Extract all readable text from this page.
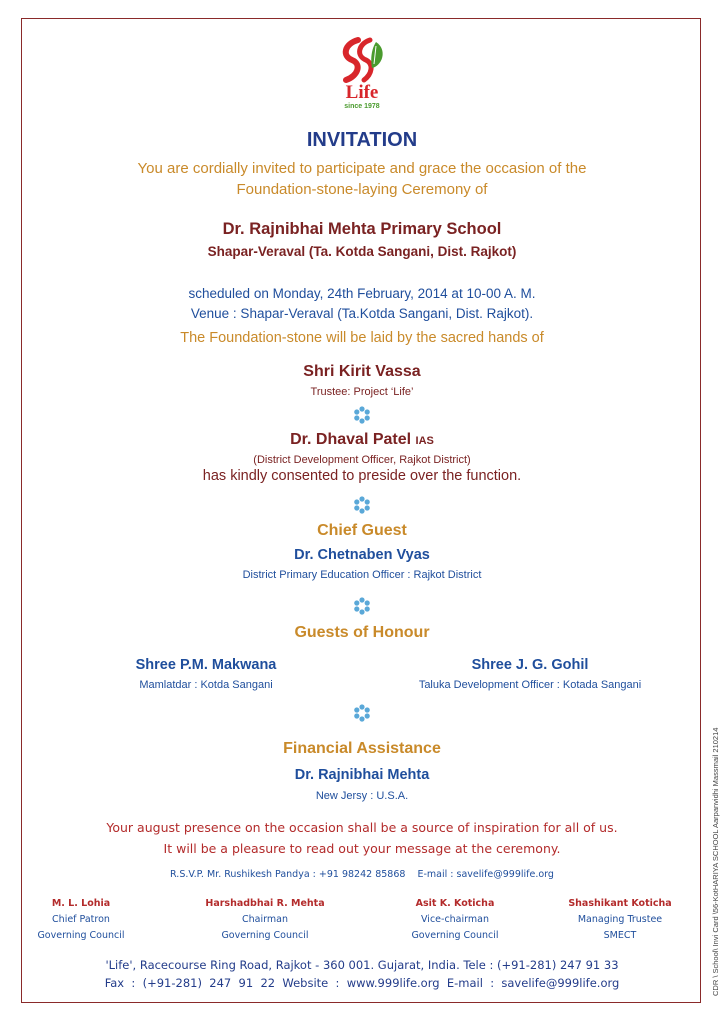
Life
since 1978
INVITATION
You are cordially invited to participate and grace the occasion of the
Foundation-stone-laying Ceremony of
Dr. Rajnibhai Mehta Primary School
Shapar-Veraval (Ta. Kotda Sangani, Dist. Rajkot)
scheduled on Monday, 24th February, 2014 at 10-00 A. M.
Venue : Shapar-Veraval (Ta.Kotda Sangani, Dist. Rajkot).
The Foundation-stone will be laid by the sacred hands of
Shri Kirit Vassa
Trustee: Project ‘Life’
Dr. Dhaval Patel IAS
(District Development Officer, Rajkot District)
has kindly consented to preside over the function.
Chief Guest
Dr. Chetnaben Vyas
District Primary Education Officer : Rajkot District
Guests of Honour
Shree P.M. Makwana
Mamlatdar : Kotda Sangani
Shree J. G. Gohil
Taluka Development Officer : Kotada Sangani
Financial Assistance
Dr. Rajnibhai Mehta
New Jersy : U.S.A.
Your august presence on the occasion shall be a source of inspiration for all of us.
It will be a pleasure to read out your message at the ceremony.
R.S.V.P. Mr. Rushikesh Pandya : +91 98242 85868    E-mail : savelife@999life.org
M. L. Lohia
Chief Patron
Governing Council
Harshadbhai R. Mehta
Chairman
Governing Council
Asit K. Koticha
Vice-chairman
Governing Council
Shashikant Koticha
Managing Trustee
SMECT
'Life', Racecourse Ring Road, Rajkot - 360 001. Gujarat, India. Tele : (+91-281) 247 91 33
Fax  :  (+91-281)  247  91  22  Website  :  www.999life.org  E-mail  :  savelife@999life.org	CDR \ School\ Invi Card \56-KotHARIYA SCHOOL Aarpanvidhi Massmail 210214
